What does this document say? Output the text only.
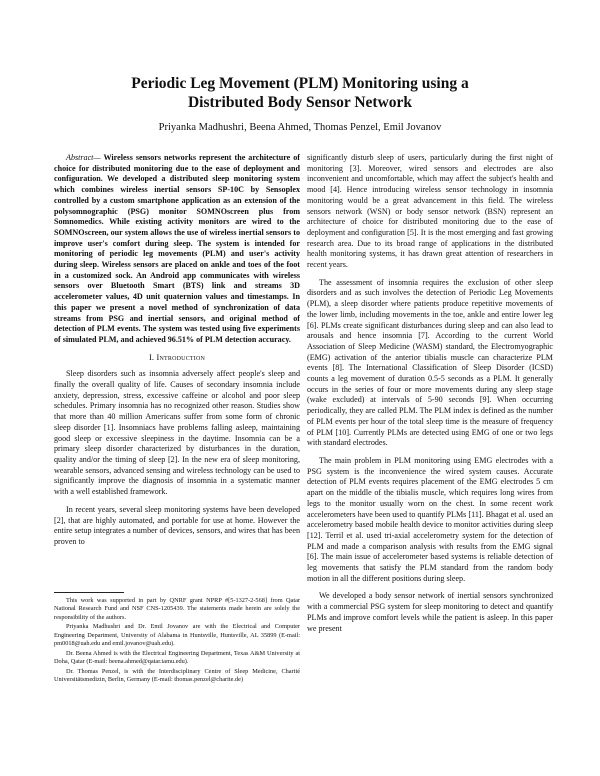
Periodic Leg Movement (PLM) Monitoring using a
Distributed Body Sensor Network
Priyanka Madhushri, Beena Ahmed, Thomas Penzel, Emil Jovanov

Abstract— Wireless sensors networks represent the architecture of choice for distributed monitoring due to the ease of deployment and configuration. We developed a distributed sleep monitoring system which combines wireless inertial sensors SP-10C by Sensoplex controlled by a custom smartphone application as an extension of the polysomnographic (PSG) monitor SOMNOscreen plus from Somnomedics. While existing activity monitors are wired to the SOMNOscreen, our system allows the use of wireless inertial sensors to improve user's comfort during sleep. The system is intended for monitoring of periodic leg movements (PLM) and user's activity during sleep. Wireless sensors are placed on ankle and toes of the foot in a customized sock. An Android app communicates with wireless sensors over Bluetooth Smart (BTS) link and streams 3D accelerometer values, 4D unit quaternion values and timestamps. In this paper we present a novel method of synchronization of data streams from PSG and inertial sensors, and original method of detection of PLM events. The system was tested using five experiments of simulated PLM, and achieved 96.51% of PLM detection accuracy.

I. Introduction

Sleep disorders such as insomnia adversely affect people's sleep and finally the overall quality of life. Causes of secondary insomnia include anxiety, depression, stress, excessive caffeine or alcohol and poor sleep schedules. Primary insomnia has no recognized other reason. Studies show that more than 40 million Americans suffer from some form of chronic sleep disorder [1]. Insomniacs have problems falling asleep, maintaining good sleep or excessive sleepiness in the daytime. Insomnia can be a primary sleep disorder characterized by disturbances in the duration, quality and/or the timing of sleep [2]. In the new era of sleep monitoring, wearable sensors, advanced sensing and wireless technology can be used to significantly improve the diagnosis of insomnia in a systematic manner with a well established framework.

In recent years, several sleep monitoring systems have been developed [2], that are highly automated, and portable for use at home. However the entire setup integrates a number of devices, sensors, and wires that has been proven to

This work was supported in part by QNRF grant NPRP #[5-1327-2-568] from Qatar National Research Fund and NSF CNS-1205439. The statements made herein are solely the responsibility of the authors.

Priyanka Madhushri and Dr. Emil Jovanov are with the Electrical and Computer Engineering Department, University of Alabama in Huntsville, Huntsville, AL 35899 (E-mail: pm0018@uah.edu and emil.jovanov@uah.edu).

Dr. Beena Ahmed is with the Electrical Engineering Department, Texas A&M University at Doha, Qatar (E-mail: beena.ahmed@qatar.tamu.edu).

Dr. Thomas Penzel, is with the Interdisciplinary Centre of Sleep Medicine, Charité Universitätsmedizin, Berlin, Germany (E-mail: thomas.penzel@charite.de)

significantly disturb sleep of users, particularly during the first night of monitoring [3]. Moreover, wired sensors and electrodes are also inconvenient and uncomfortable, which may affect the subject's health and mood [4]. Hence introducing wireless sensor technology in insomnia monitoring would be a great advancement in this field. The wireless sensors network (WSN) or body sensor network (BSN) represent an architecture of choice for distributed monitoring due to the ease of deployment and configuration [5]. It is the most emerging and fast growing research area. Due to its broad range of applications in the distributed health monitoring systems, it has drawn great attention of researchers in recent years.

The assessment of insomnia requires the exclusion of other sleep disorders and as such involves the detection of Periodic Leg Movements (PLM), a sleep disorder where patients produce repetitive movements of the lower limb, including movements in the toe, ankle and entire lower leg [6]. PLMs create significant disturbances during sleep and can also lead to arousals and hence insomnia [7]. According to the current World Association of Sleep Medicine (WASM) standard, the Electromyographic (EMG) activation of the anterior tibialis muscle can characterize PLM events [8]. The International Classification of Sleep Disorder (ICSD) counts a leg movement of duration 0.5-5 seconds as a PLM. It generally occurs in the series of four or more movements during any sleep stage (wake excluded) at intervals of 5-90 seconds [9]. When occurring periodically, they are called PLM. The PLM index is defined as the number of PLM events per hour of the total sleep time is the measure of frequency of PLM [10]. Currently PLMs are detected using EMG of one or two legs with standard electrodes.

The main problem in PLM monitoring using EMG electrodes with a PSG system is the inconvenience the wired system causes. Accurate detection of PLM events requires placement of the EMG electrodes 5 cm apart on the middle of the tibialis muscle, which requires long wires from legs to the monitor usually worn on the chest. In some recent work accelerometers have been used to quantify PLMs [11]. Bhagat et al. used an accelerometry based mobile health device to monitor activities during sleep [12]. Terril et al. used tri-axial accelerometry system for the detection of PLM and made a comparison analysis with results from the EMG signal [6]. The main issue of accelerometer based systems is reliable detection of leg movements that satisfy the PLM standard from the random body motion in all the different positions during sleep.

We developed a body sensor network of inertial sensors synchronized with a commercial PSG system for sleep monitoring to detect and quantify PLMs and improve comfort levels while the patient is asleep. In this paper we present
